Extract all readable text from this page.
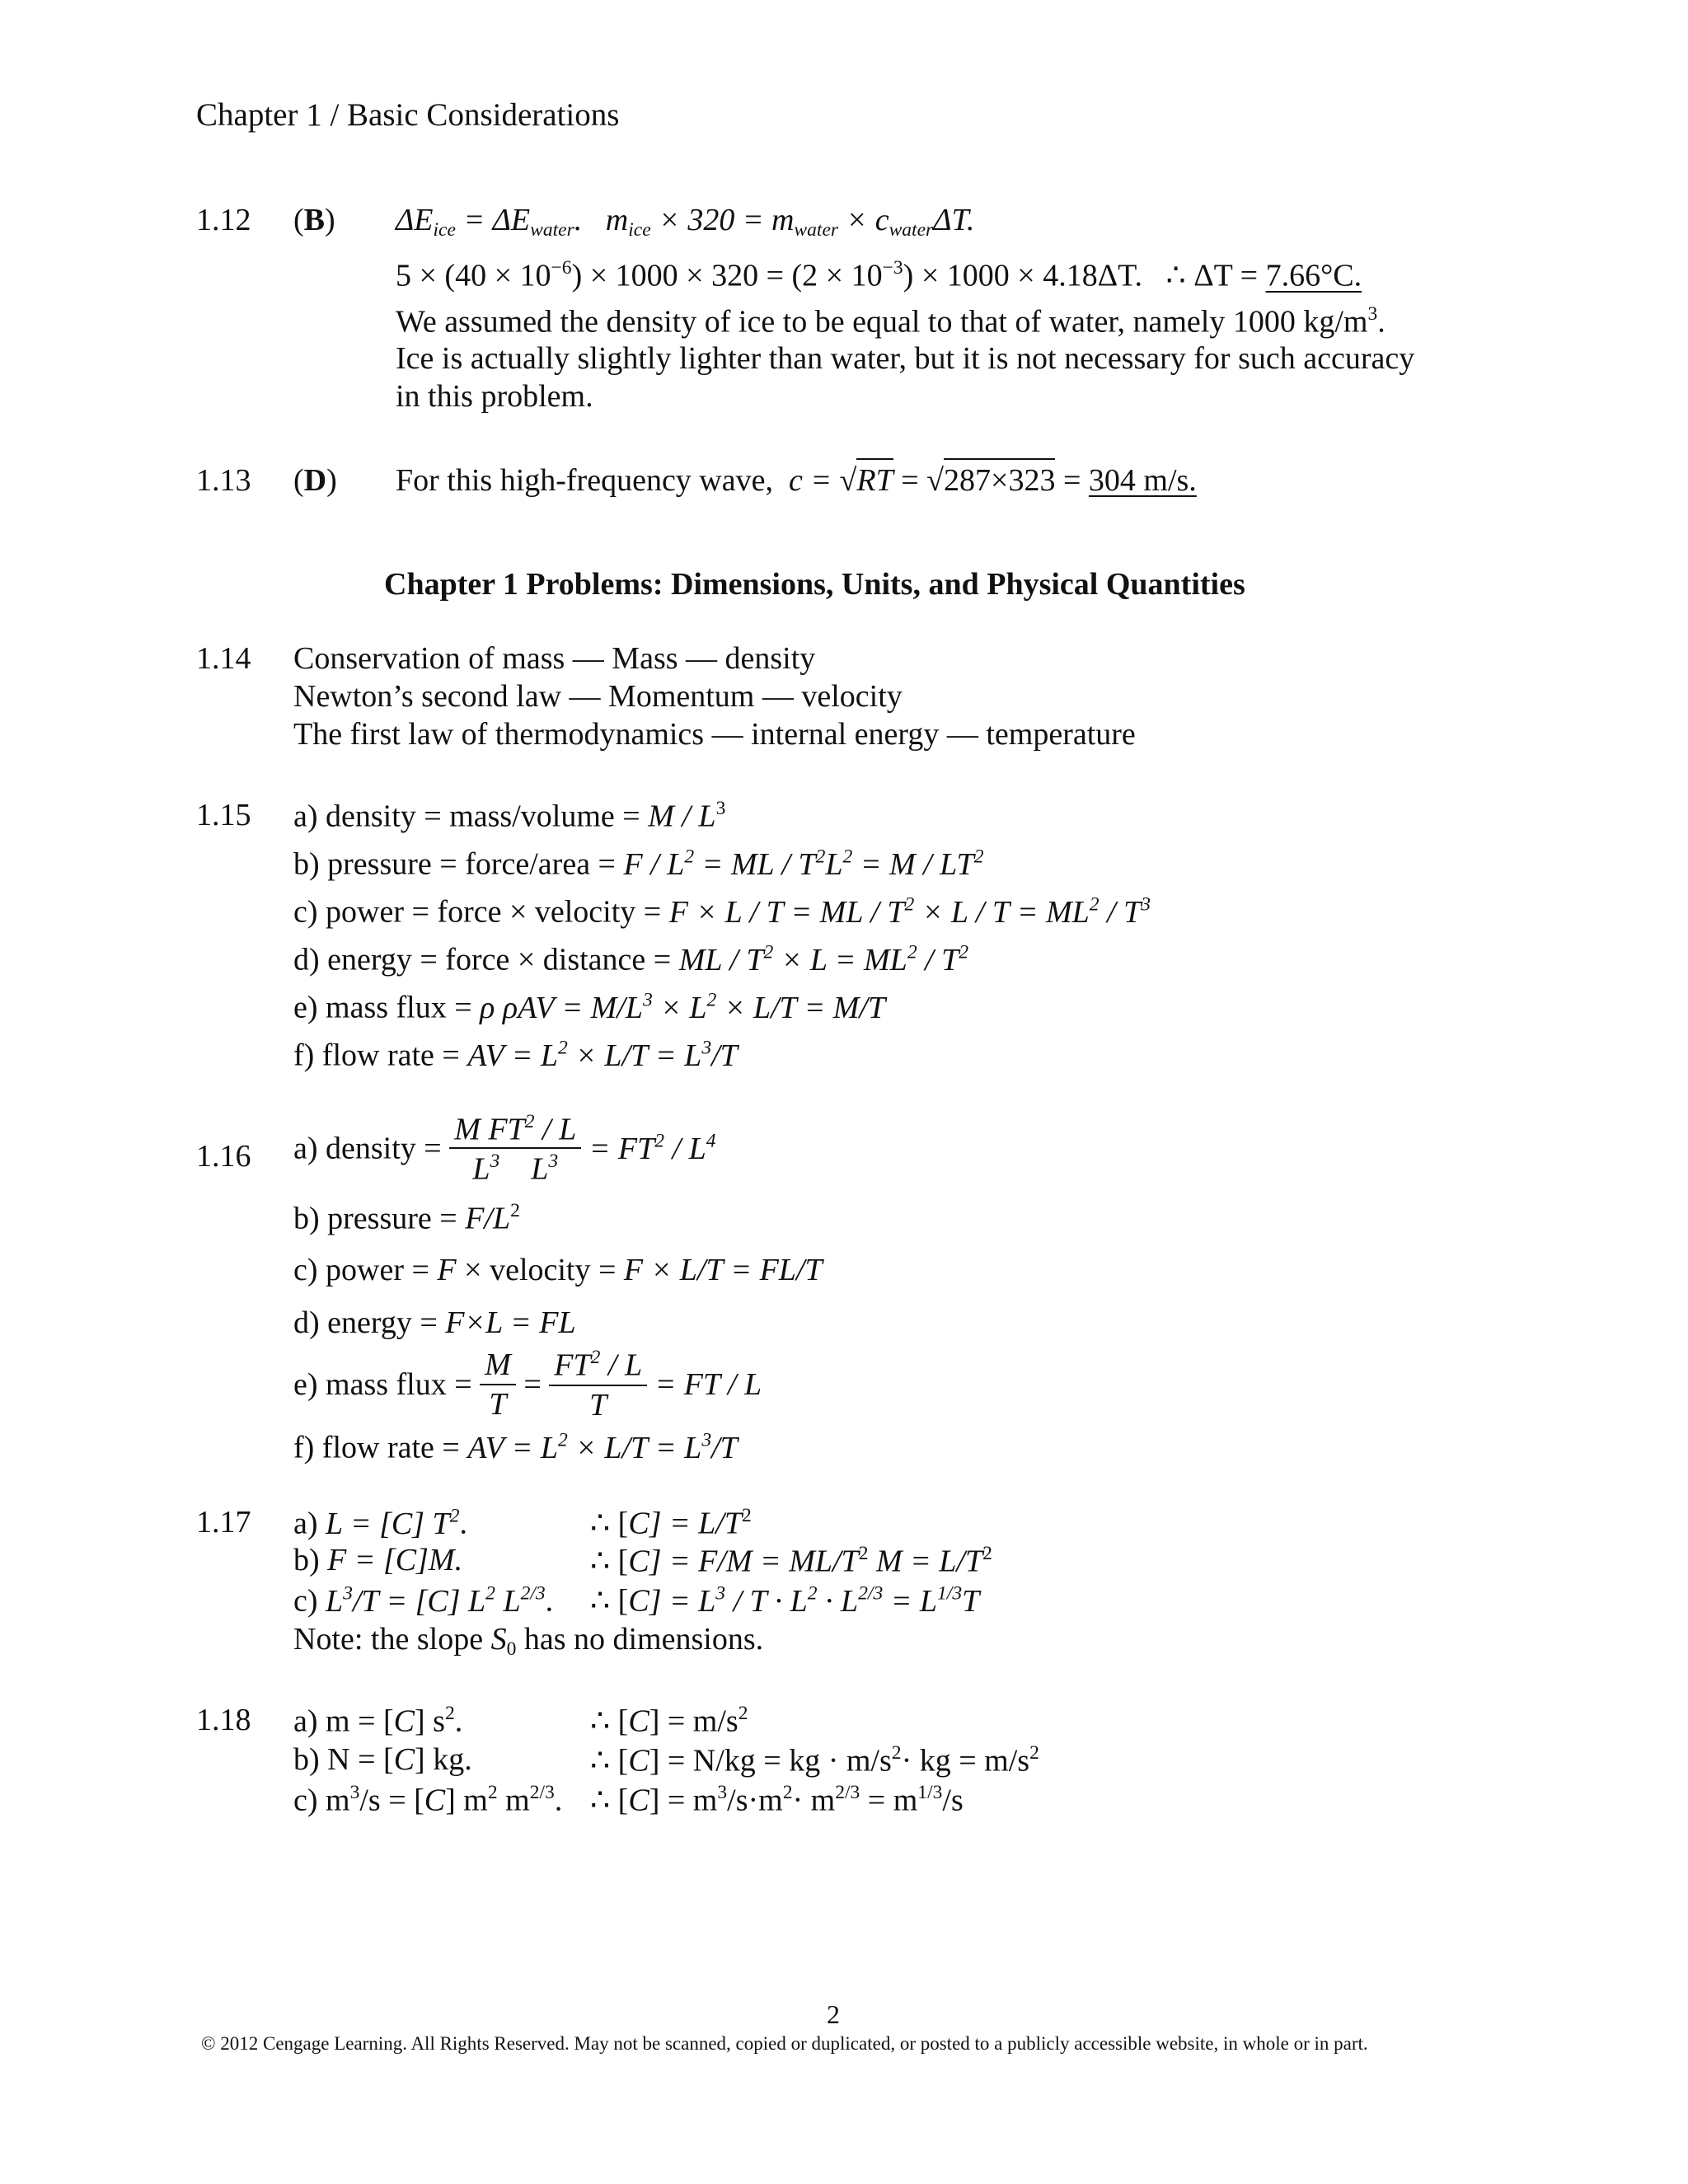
Chapter 1 / Basic Considerations
1.12 (B) $\Delta E_{ice} = \Delta E_{water}$. $m_{ice} \times 320 = m_{water} \times c_{water}\Delta T$.
$5 \times (40 \times 10^{-6}) \times 1000 \times 320 = (2 \times 10^{-3}) \times 1000 \times 4.18\Delta T$. ∴ ΔT = 7.66°C.
We assumed the density of ice to be equal to that of water, namely 1000 $kg/m^3$.
Ice is actually slightly lighter than water, but it is not necessary for such accuracy
in this problem.
1.13 (D) For this high-frequency wave, c = √RT = √287×323 = 304 m/s.
Chapter 1 Problems: Dimensions, Units, and Physical Quantities
1.14 Conservation of mass — Mass — density
Newton’s second law — Momentum — velocity
The first law of thermodynamics — internal energy — temperature
1.15 a) density = mass/volume = M / $L^3$
b) pressure = force/area = F / $L^2$ = ML / $T^2L^2 = M / LT^2$
c) power = force × velocity = F × L / T = ML / $T^2 \times L / T = ML^2 / T^3$
d) energy = force × distance = ML / $T^2 \times L = ML^2 / T^2$
e) mass flux = ρ $\rho AV = M/L^3 \times L^2 \times L/T = M/T$
f) flow rate = AV = $L^2 \times L/T = L^3/T$
1.16 a) density = $\frac{M FT^2 / L}{L^3 L^3} = FT^2 / L^4$
b) pressure = $F/L^2$
c) power = F × velocity = F × L/T = FL/T
d) energy = F×L = FL
e) mass flux = $\frac{M}{T} = \frac{FT^2 / L}{T}$ = FT / L
f) flow rate = AV = $L^2 \times L/T = L^3/T$
1.17 a) L = [C] $T^2$.	∴ $[C] = L/T^2$
b) F = [C]M.	∴ $[C] = F/M = ML/T^2$ $M = L/T^2$
c) $L^3/T = [C]$ $L^2$ $L^{2/3}$. ∴ $[C] = L^3 / T \cdot L^2 \cdot L^{2/3} = L^{1/3}T$
Note: the slope $S_0$ has no dimensions.
1.18 a) m = [C] $s^2$.	∴ $[C] = m/s^2$
b) N = [C] kg.	∴ [C] = N/kg = kg · $m/s^2\cdot$ kg = $m/s^2$
c) $m^3/s = [C]$ $m^2$ $m^{2/3}$. ∴ $[C] = m^3/s\cdot m^2\cdot m^{2/3} = m^{1/3}/s$
2
© 2012 Cengage Learning. All Rights Reserved. May not be scanned, copied or duplicated, or posted to a publicly accessible website, in whole or in part.
